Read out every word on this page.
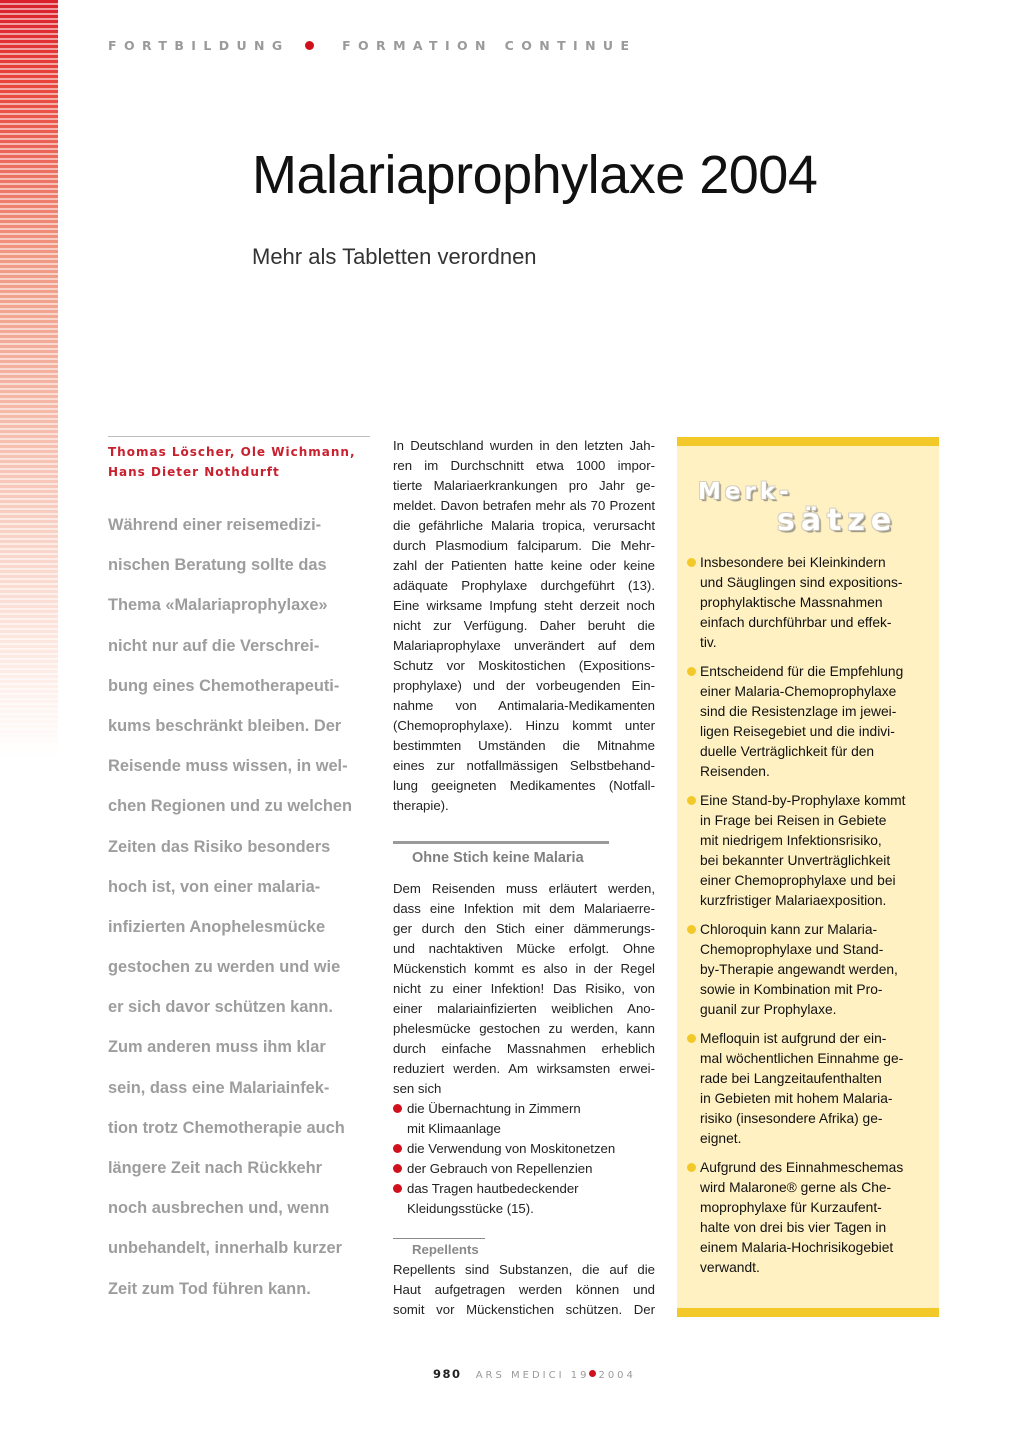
FORTBILDUNG	FORMATION CONTINUE
Malariaprophylaxe 2004
Mehr als Tabletten verordnen
Thomas Löscher, Ole Wichmann,
Hans Dieter Nothdurft
Während einer reisemedizi-
nischen Beratung sollte das
Thema «Malariaprophylaxe»
nicht nur auf die Verschrei-
bung eines Chemotherapeuti-
kums beschränkt bleiben. Der
Reisende muss wissen, in wel-
chen Regionen und zu welchen
Zeiten das Risiko besonders
hoch ist, von einer malaria-
infizierten Anophelesmücke
gestochen zu werden und wie
er sich davor schützen kann.
Zum anderen muss ihm klar
sein, dass eine Malariainfek-
tion trotz Chemotherapie auch
längere Zeit nach Rückkehr
noch ausbrechen und, wenn
unbehandelt, innerhalb kurzer
Zeit zum Tod führen kann.
In Deutschland wurden in den letzten Jah-
ren im Durchschnitt etwa 1000 impor-
tierte Malariaerkrankungen pro Jahr ge-
meldet. Davon betrafen mehr als 70 Prozent
die gefährliche Malaria tropica, verursacht
durch Plasmodium falciparum. Die Mehr-
zahl der Patienten hatte keine oder keine
adäquate Prophylaxe durchgeführt (13).
Eine wirksame Impfung steht derzeit noch
nicht zur Verfügung. Daher beruht die
Malariaprophylaxe unverändert auf dem
Schutz vor Moskitostichen (Expositions-
prophylaxe) und der vorbeugenden Ein-
nahme von Antimalaria-Medikamenten
(Chemoprophylaxe). Hinzu kommt unter
bestimmten Umständen die Mitnahme
eines zur notfallmässigen Selbstbehand-
lung geeigneten Medikamentes (Notfall-
therapie).
Ohne Stich keine Malaria
Dem Reisenden muss erläutert werden,
dass eine Infektion mit dem Malariaerre-
ger durch den Stich einer dämmerungs-
und nachtaktiven Mücke erfolgt. Ohne
Mückenstich kommt es also in der Regel
nicht zu einer Infektion! Das Risiko, von
einer malariainfizierten weiblichen Ano-
phelesmücke gestochen zu werden, kann
durch einfache Massnahmen erheblich
reduziert werden. Am wirksamsten erwei-
sen sich
die Übernachtung in Zimmern
mit Klimaanlage
die Verwendung von Moskitonetzen
der Gebrauch von Repellenzien
das Tragen hautbedeckender
Kleidungsstücke (15).
Repellents
Repellents sind Substanzen, die auf die
Haut aufgetragen werden können und
somit vor Mückenstichen schützen. Der
Merk-
sätze
Insbesondere bei Kleinkindern
und Säuglingen sind expositions-
prophylaktische Massnahmen
einfach durchführbar und effek-
tiv.
Entscheidend für die Empfehlung
einer Malaria-Chemoprophylaxe
sind die Resistenzlage im jewei-
ligen Reisegebiet und die indivi-
duelle Verträglichkeit für den
Reisenden.
Eine Stand-by-Prophylaxe kommt
in Frage bei Reisen in Gebiete
mit niedrigem Infektionsrisiko,
bei bekannter Unverträglichkeit
einer Chemoprophylaxe und bei
kurzfristiger Malariaexposition.
Chloroquin kann zur Malaria-
Chemoprophylaxe und Stand-
by-Therapie angewandt werden,
sowie in Kombination mit Pro-
guanil zur Prophylaxe.
Mefloquin ist aufgrund der ein-
mal wöchentlichen Einnahme ge-
rade bei Langzeitaufenthalten
in Gebieten mit hohem Malaria-
risiko (insesondere Afrika) ge-
eignet.
Aufgrund des Einnahmeschemas
wird Malarone® gerne als Che-
moprophylaxe für Kurzaufent-
halte von drei bis vier Tagen in
einem Malaria-Hochrisikogebiet
verwandt.
980 ARS MEDICI 19 2004
